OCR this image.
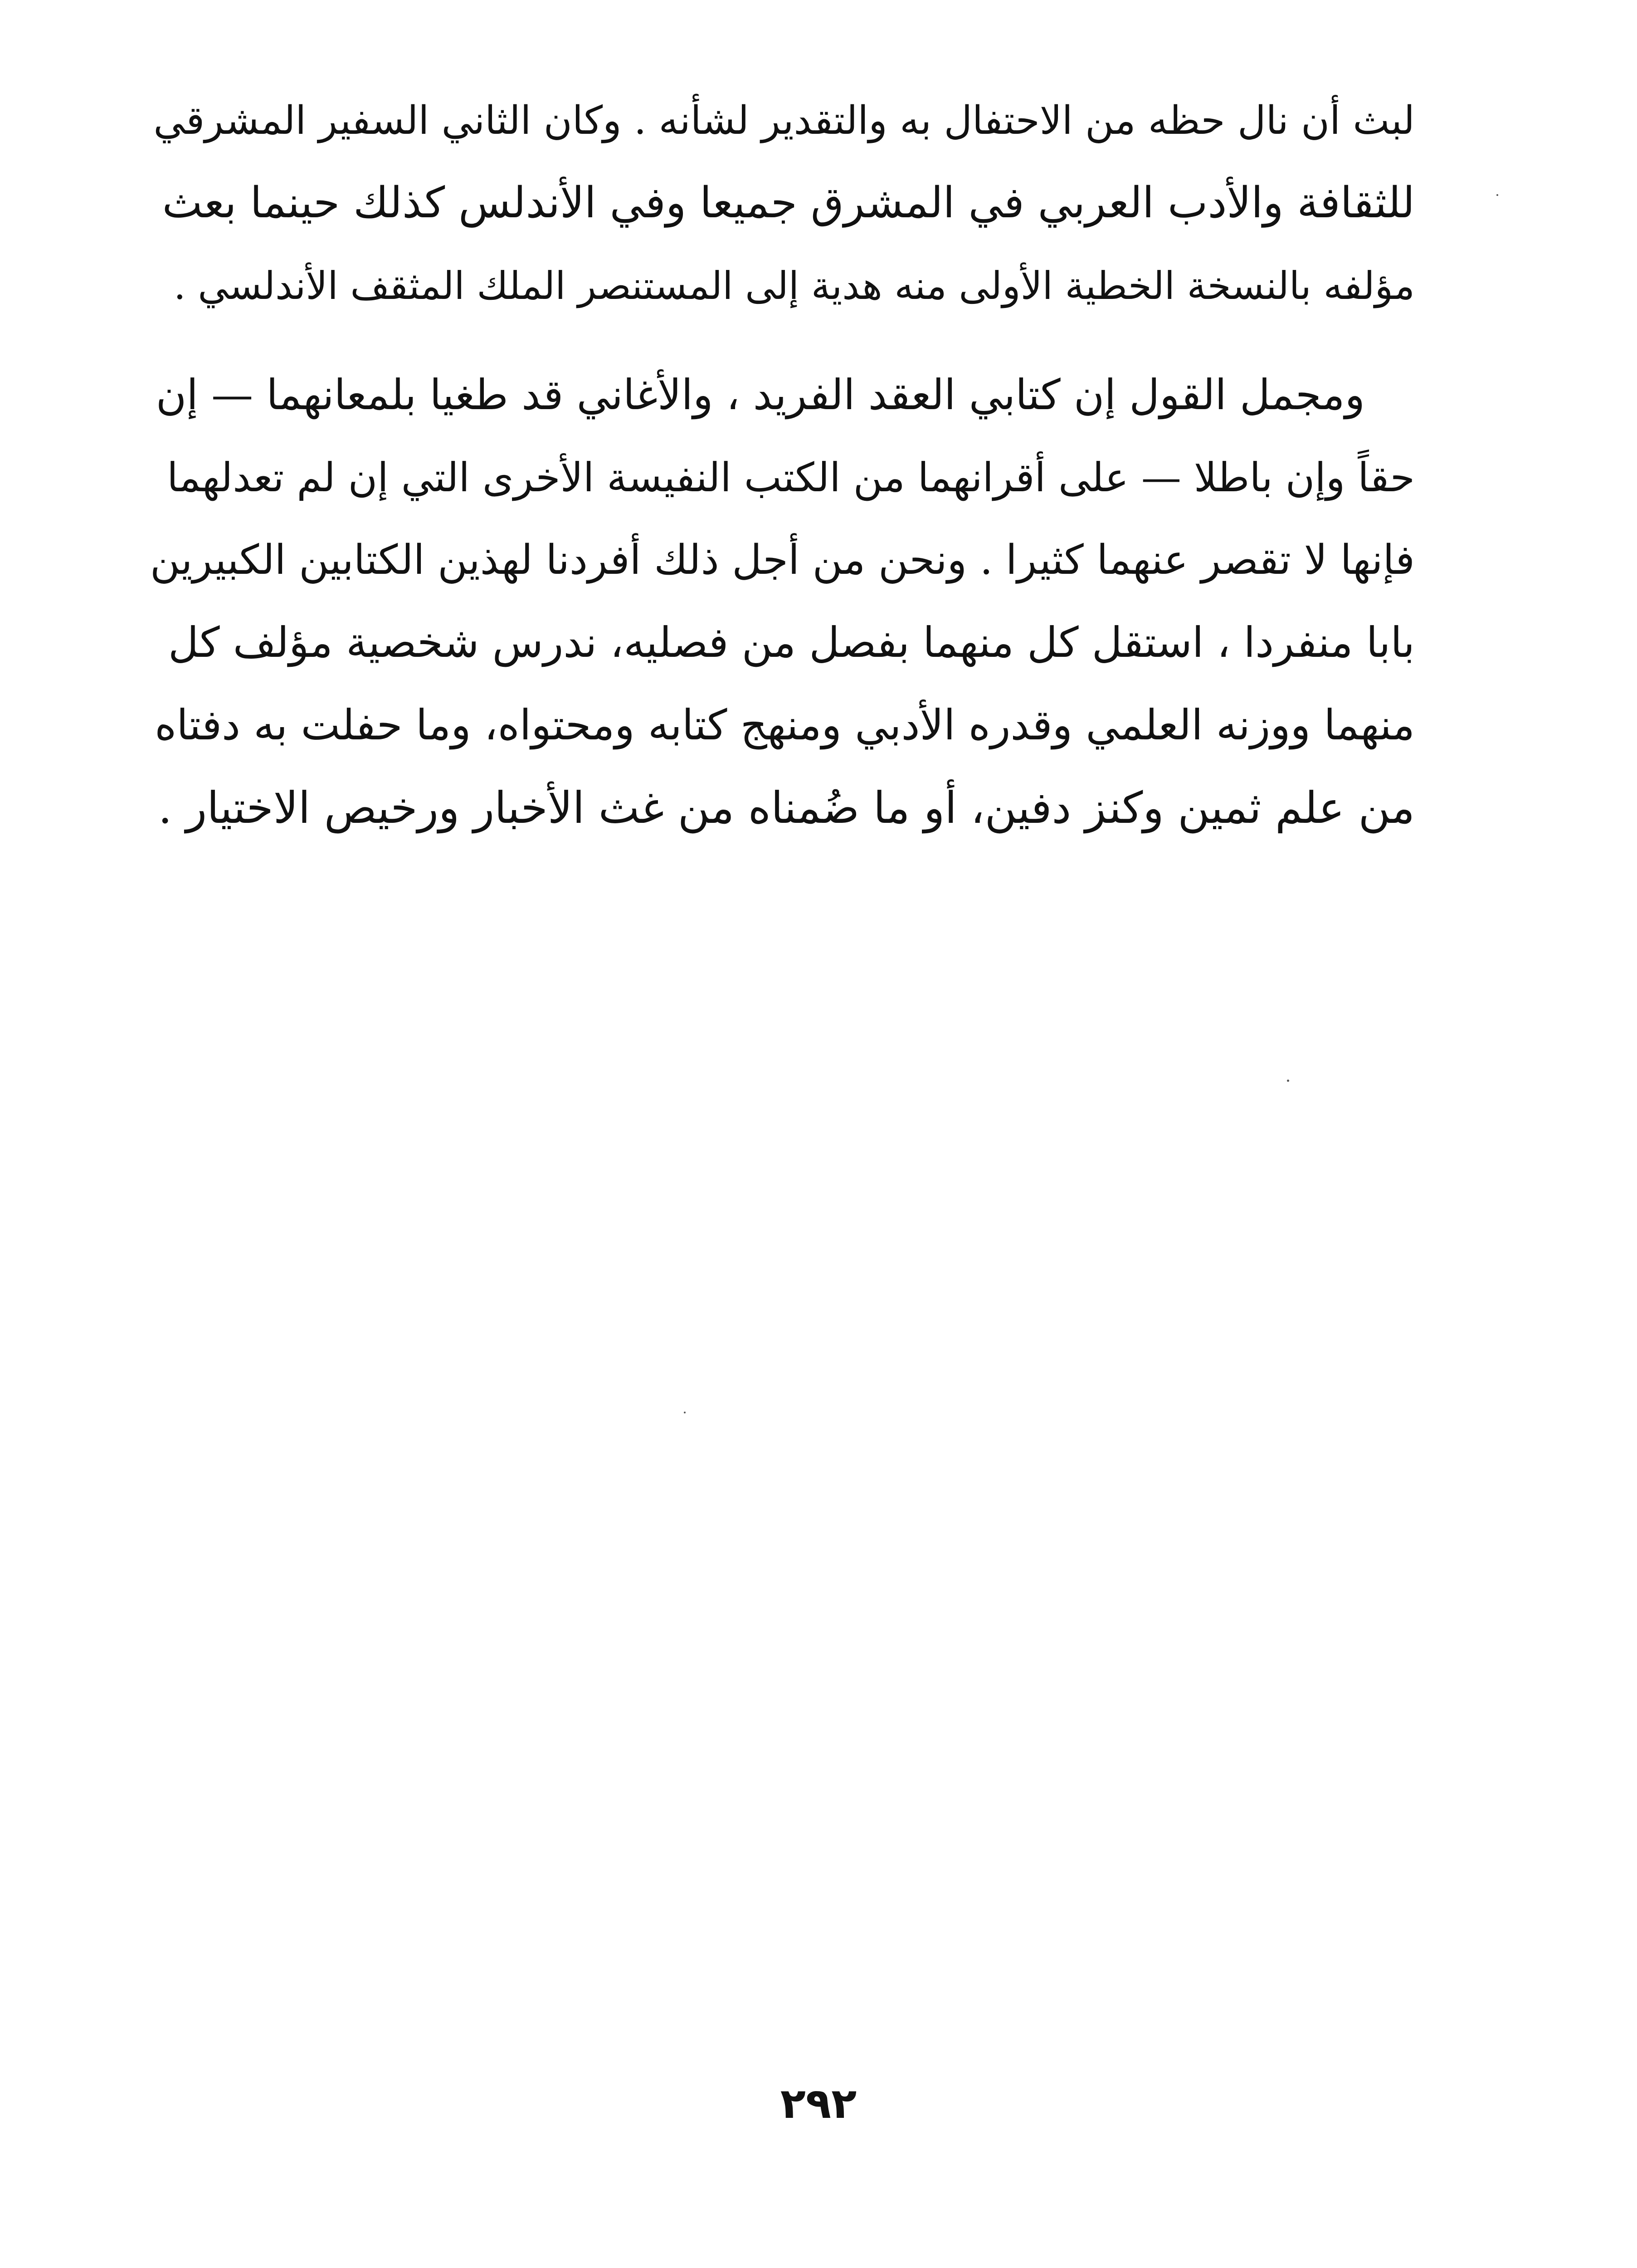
لبث أن نال حظه من الاحتفال به والتقدير لشأنه . وكان الثاني السفير المشرقي
للثقافة والأدب العربي في المشرق جميعا وفي الأندلس كذلك حينما بعث
مؤلفه بالنسخة الخطية الأولى منه هدية إلى المستنصر الملك المثقف الأندلسي .
ومجمل القول إن كتابي العقد الفريد ، والأغاني قد طغيا بلمعانهما — إن
حقاً وإن باطلا — على أقرانهما من الكتب النفيسة الأخرى التي إن لم تعدلهما
فإنها لا تقصر عنهما كثيرا . ونحن من أجل ذلك أفردنا لهذين الكتابين الكبيرين
بابا منفردا ، استقل كل منهما بفصل من فصليه، ندرس شخصية مؤلف كل
منهما ووزنه العلمي وقدره الأدبي ومنهج كتابه ومحتواه، وما حفلت به دفتاه
من علم ثمين وكنز دفين، أو ما ضُمناه من غث الأخبار ورخيص الاختيار .
٢٩٢
